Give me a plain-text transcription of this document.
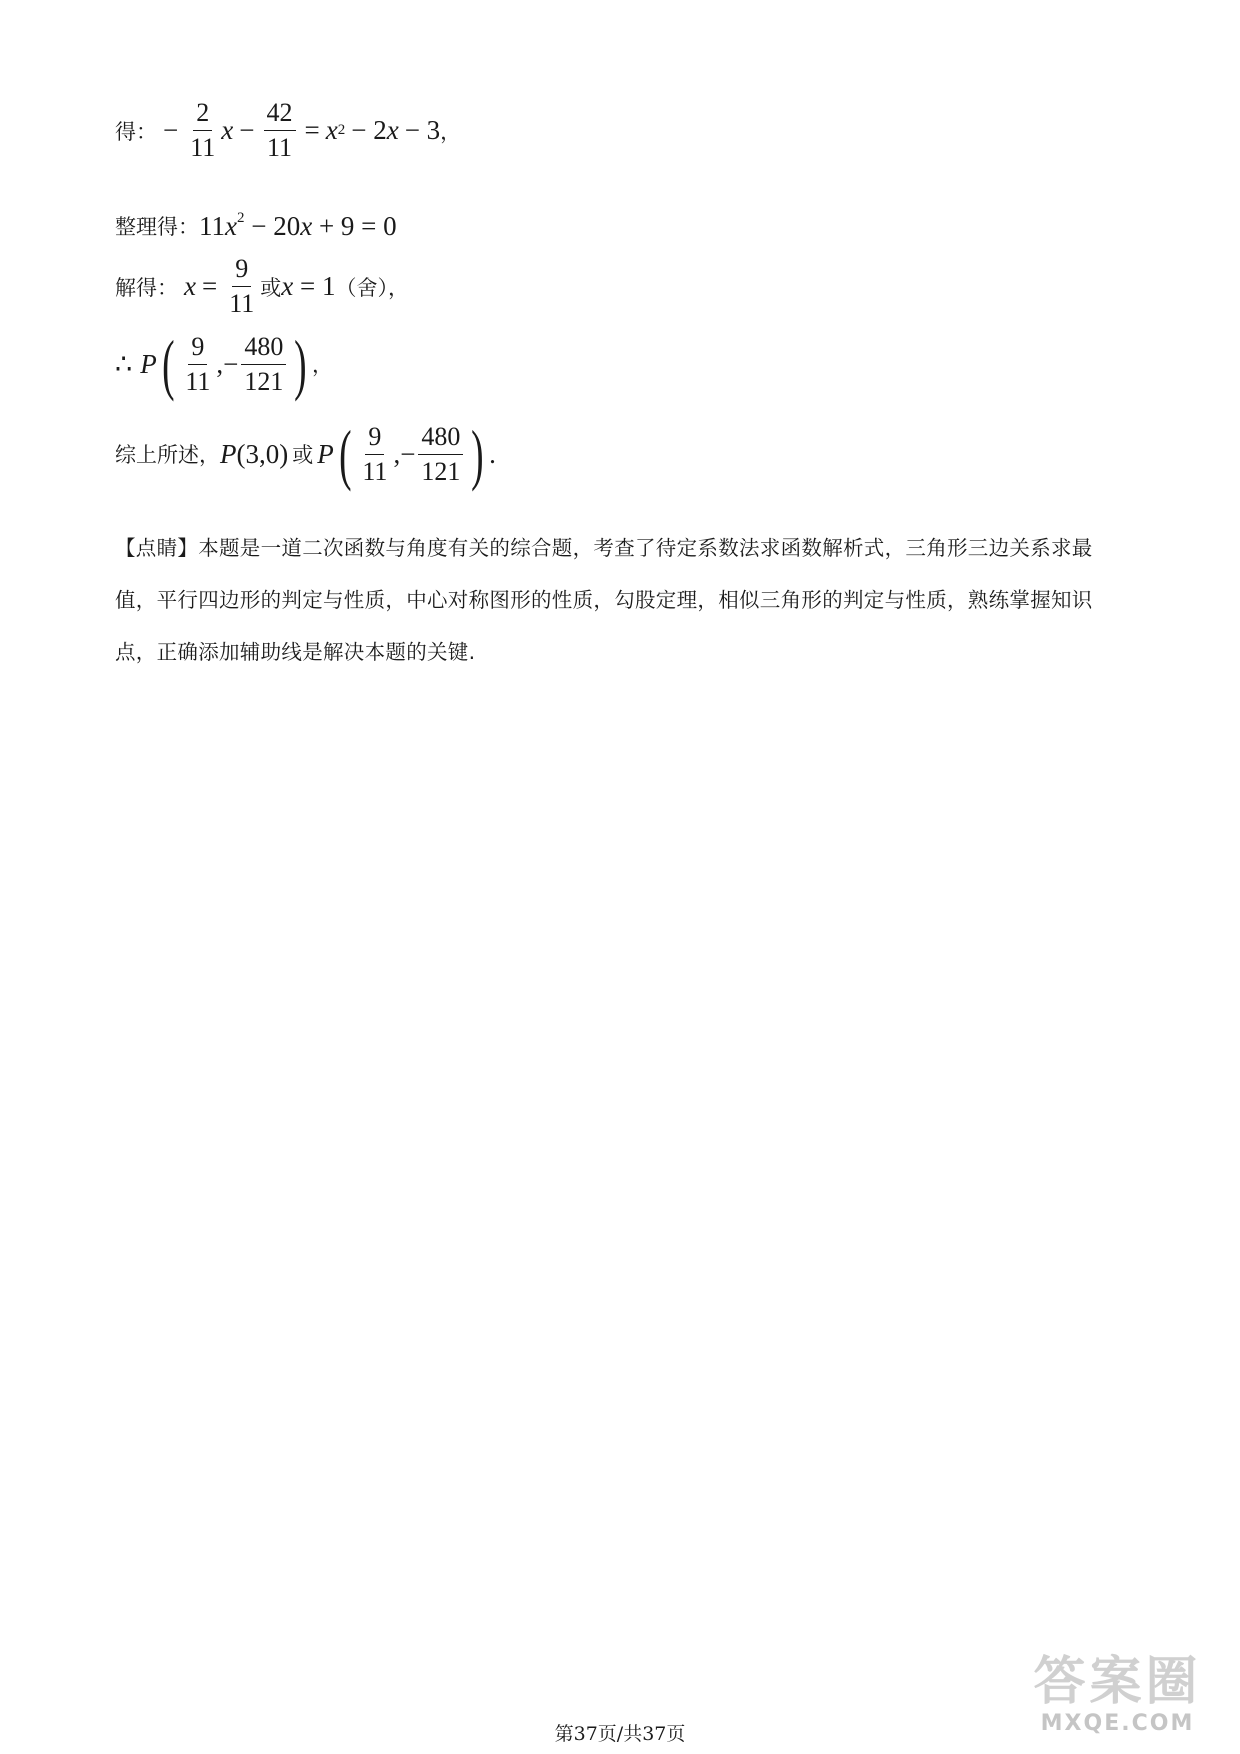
得： − $\frac{2}{11}$ $x - \frac{42}{11} = x$ 2 − 2 x − 3 ，
整理得： $11x^2 - 20x + 9 = 0$
解得： $x = \frac{9}{11}$ 或 x = 1 （舍），
∴ P ( $\frac{9}{11}$ ,− $\frac{480}{121}$ ) ，
综上所述， P (3,0) 或 P ( $\frac{9}{11}$ ,− $\frac{480}{121}$ ) .
【点睛】本题是一道二次函数与角度有关的综合题，考查了待定系数法求函数解析式，三角形三边关系求最值，平行四边形的判定与性质，中心对称图形的性质，勾股定理，相似三角形的判定与性质，熟练掌握知识点，正确添加辅助线是解决本题的关键.
第37页/共37页
答案圈
MXQE.COM
